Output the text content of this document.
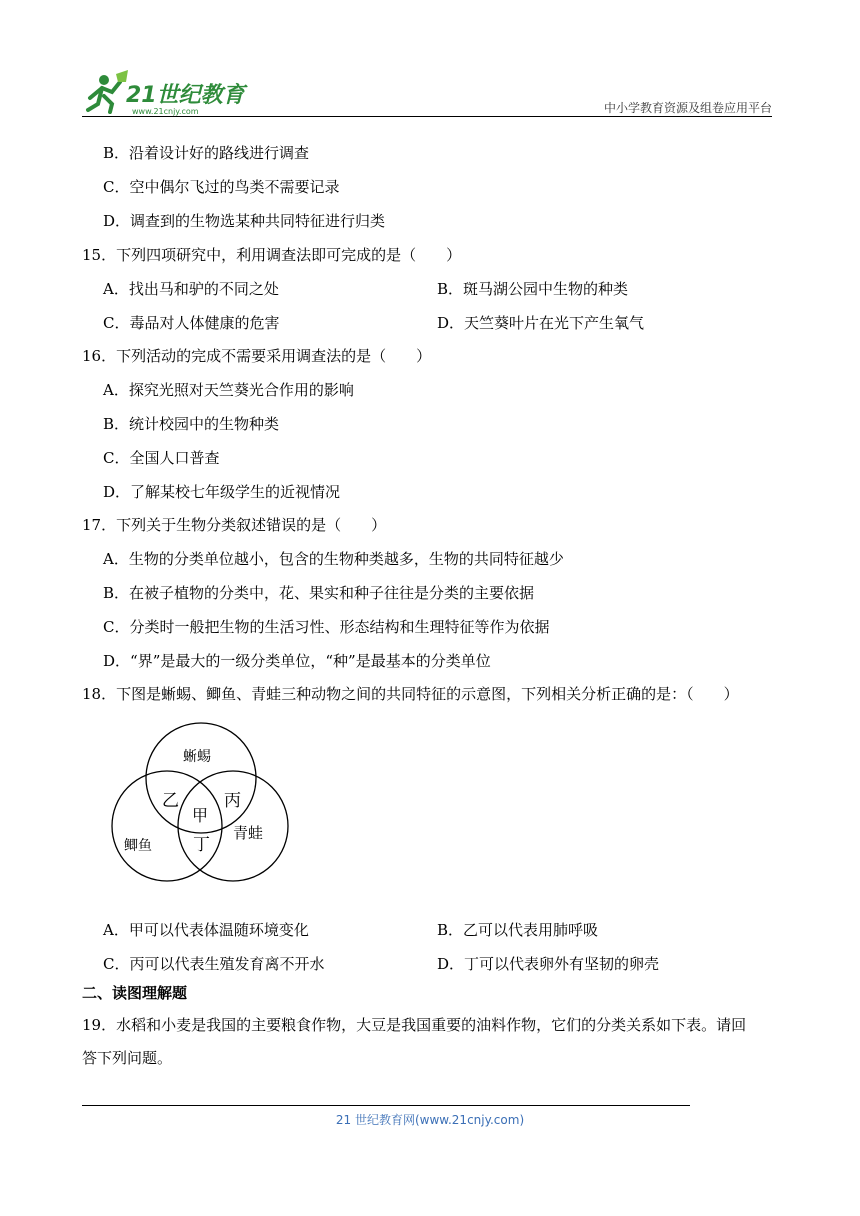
21世纪教育
www.21cnjy.com	中小学教育资源及组卷应用平台
B．沿着设计好的路线进行调查
C．空中偶尔飞过的鸟类不需要记录
D．调查到的生物选某种共同特征进行归类
15．下列四项研究中，利用调查法即可完成的是（　　）
A．找出马和驴的不同之处	B．斑马湖公园中生物的种类
C．毒品对人体健康的危害	D．天竺葵叶片在光下产生氧气
16．下列活动的完成不需要采用调查法的是（　　）
A．探究光照对天竺葵光合作用的影响
B．统计校园中的生物种类
C．全国人口普查
D．了解某校七年级学生的近视情况
17．下列关于生物分类叙述错误的是（　　）
A．生物的分类单位越小，包含的生物种类越多，生物的共同特征越少
B．在被子植物的分类中，花、果实和种子往往是分类的主要依据
C．分类时一般把生物的生活习性、形态结构和生理特征等作为依据
D．“界”是最大的一级分类单位，“种”是最基本的分类单位
18．下图是蜥蜴、鲫鱼、青蛙三种动物之间的共同特征的示意图，下列相关分析正确的是：（　　）
蜥蜴
鲫鱼
青蛙
甲
乙	丙
丁
A．甲可以代表体温随环境变化	B．乙可以代表用肺呼吸
C．丙可以代表生殖发育离不开水	D．丁可以代表卵外有坚韧的卵壳
二、读图理解题
19．水稻和小麦是我国的主要粮食作物，大豆是我国重要的油料作物，它们的分类关系如下表。请回
答下列问题。
21 世纪教育网(www.21cnjy.com)
